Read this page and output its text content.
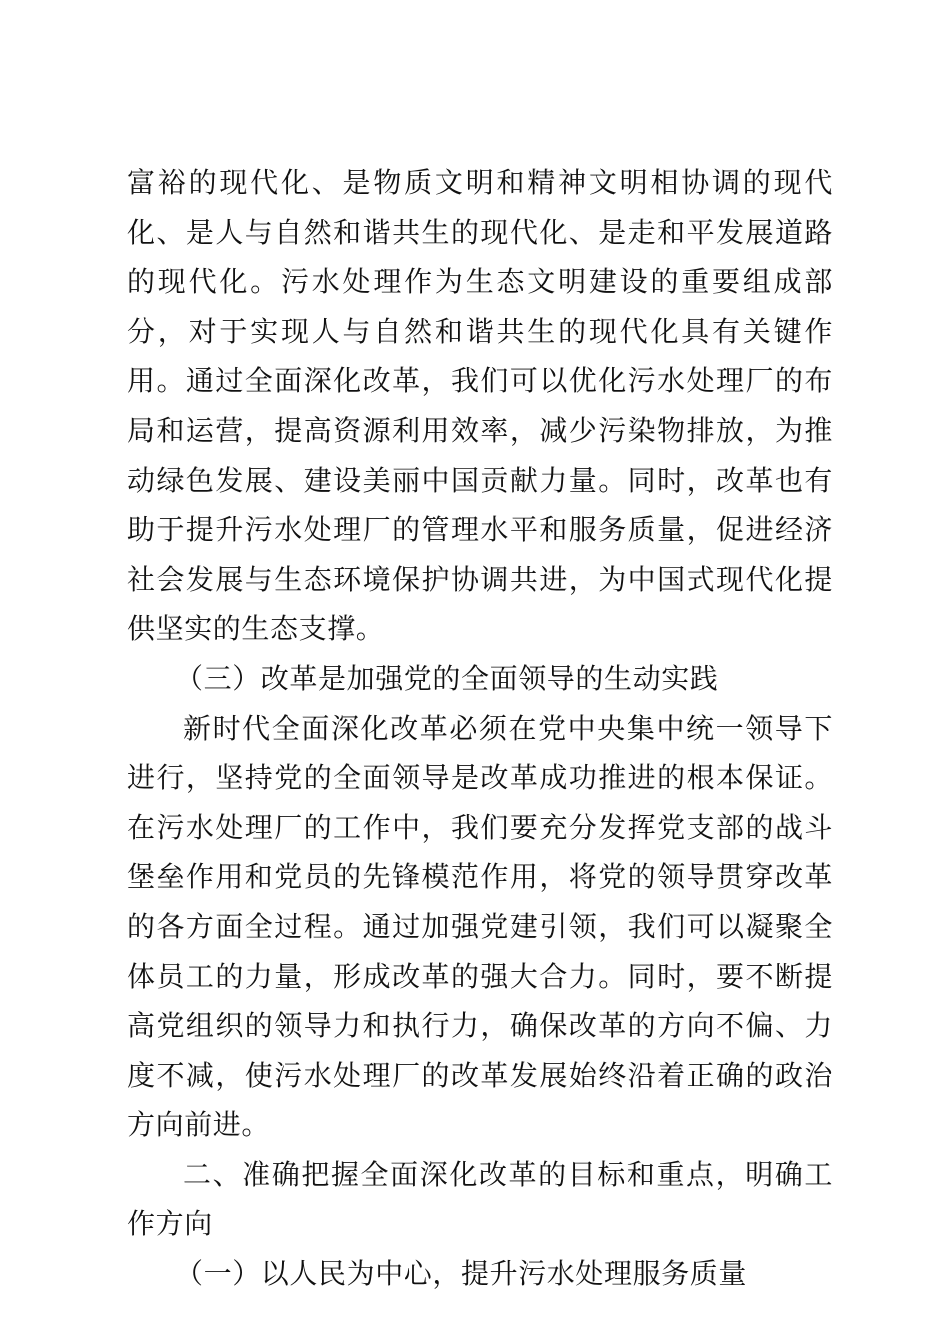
富裕的现代化、是物质文明和精神文明相协调的现代化、是人与自然和谐共生的现代化、是走和平发展道路的现代化。污水处理作为生态文明建设的重要组成部分，对于实现人与自然和谐共生的现代化具有关键作用。通过全面深化改革，我们可以优化污水处理厂的布局和运营，提高资源利用效率，减少污染物排放，为推动绿色发展、建设美丽中国贡献力量。同时，改革也有助于提升污水处理厂的管理水平和服务质量，促进经济社会发展与生态环境保护协调共进，为中国式现代化提供坚实的生态支撑。

（三）改革是加强党的全面领导的生动实践

新时代全面深化改革必须在党中央集中统一领导下进行，坚持党的全面领导是改革成功推进的根本保证。在污水处理厂的工作中，我们要充分发挥党支部的战斗堡垒作用和党员的先锋模范作用，将党的领导贯穿改革的各方面全过程。通过加强党建引领，我们可以凝聚全体员工的力量，形成改革的强大合力。同时，要不断提高党组织的领导力和执行力，确保改革的方向不偏、力度不减，使污水处理厂的改革发展始终沿着正确的政治方向前进。

二、准确把握全面深化改革的目标和重点，明确工作方向

（一）以人民为中心，提升污水处理服务质量
